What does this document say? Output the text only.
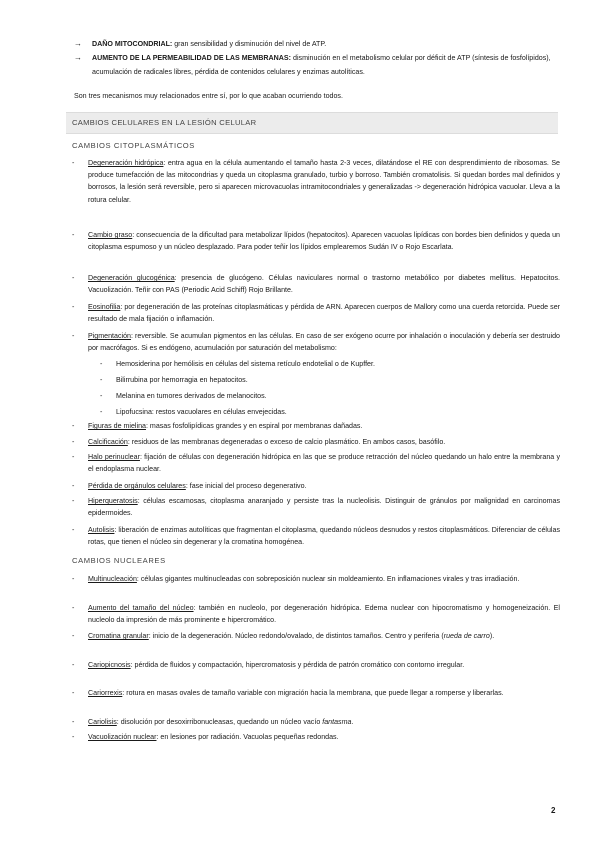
→	DAÑO MITOCONDRIAL: gran sensibilidad y disminución del nivel de ATP.
→	AUMENTO DE LA PERMEABILIDAD DE LAS MEMBRANAS: disminución en el metabolismo celular por déficit de ATP (síntesis de fosfolípidos), acumulación de radicales libres, pérdida de contenidos celulares y enzimas autolíticas.
Son tres mecanismos muy relacionados entre sí, por lo que acaban ocurriendo todos.
CAMBIOS CELULARES EN LA LESIÓN CELULAR
CAMBIOS CITOPLASMÁTICOS
- Degeneración hidrópica: entra agua en la célula aumentando el tamaño hasta 2-3 veces, dilatándose el RE con desprendimiento de ribosomas. Se produce tumefacción de las mitocondrias y queda un citoplasma granulado, turbio y borroso. También cromatolisis. Si quedan bordes mal definidos y borrosos, la lesión será reversible, pero si aparecen microvacuolas intramitocondriales y generalizadas -> degeneración hidrópica vacuolar. Lleva a la rotura celular.
- Cambio graso: consecuencia de la dificultad para metabolizar lípidos (hepatocitos). Aparecen vacuolas lipídicas con bordes bien definidos y queda un citoplasma espumoso y un núcleo desplazado. Para poder teñir los lípidos emplearemos Sudán IV o Rojo Escarlata.
- Degeneración glucogénica: presencia de glucógeno. Células naviculares normal o trastorno metabólico por diabetes mellitus. Hepatocitos. Vacuolización. Teñir con PAS (Periodic Acid Schiff) Rojo Brillante.
- Eosinofilia: por degeneración de las proteínas citoplasmáticas y pérdida de ARN. Aparecen cuerpos de Mallory como una cuerda retorcida. Puede ser resultado de mala fijación o inflamación.
- Pigmentación: reversible. Se acumulan pigmentos en las células. En caso de ser exógeno ocurre por inhalación o inoculación y debería ser destruido por macrófagos. Si es endógeno, acumulación por saturación del metabolismo:
- Hemosiderina por hemólisis en células del sistema retículo endotelial o de Kupffer.
- Bilirrubina por hemorragia en hepatocitos.
- Melanina en tumores derivados de melanocitos.
- Lipofucsina: restos vacuolares en células envejecidas.
- Figuras de mielina: masas fosfolipídicas grandes y en espiral por membranas dañadas.
- Calcificación: residuos de las membranas degeneradas o exceso de calcio plasmático. En ambos casos, basófilo.
- Halo perinuclear: fijación de células con degeneración hidrópica en las que se produce retracción del núcleo quedando un halo entre la membrana y el endoplasma nuclear.
- Pérdida de orgánulos celulares: fase inicial del proceso degenerativo.
- Hiperqueratosis: células escamosas, citoplasma anaranjado y persiste tras la nucleolisis. Distinguir de gránulos por malignidad en carcinomas epidermoides.
- Autolisis: liberación de enzimas autolíticas que fragmentan el citoplasma, quedando núcleos desnudos y restos citoplasmáticos. Diferenciar de células rotas, que tienen el núcleo sin degenerar y la cromatina homogénea.
CAMBIOS NUCLEARES
- Multinucleación: células gigantes multinucleadas con sobreposición nuclear sin moldeamiento. En inflamaciones virales y tras irradiación.
- Aumento del tamaño del núcleo: también en nucleolo, por degeneración hidrópica. Edema nuclear con hipocromatismo y homogeneización. El nucleolo da impresión de más prominente e hipercromático.
- Cromatina granular: inicio de la degeneración. Núcleo redondo/ovalado, de distintos tamaños. Centro y periferia (rueda de carro).
- Cariopicnosis: pérdida de fluidos y compactación, hipercromatosis y pérdida de patrón cromático con contorno irregular.
- Cariorrexis: rotura en masas ovales de tamaño variable con migración hacia la membrana, que puede llegar a romperse y liberarlas.
- Cariolisis: disolución por desoxirribonucleasas, quedando un núcleo vacío fantasma.
- Vacuolización nuclear: en lesiones por radiación. Vacuolas pequeñas redondas.
2
